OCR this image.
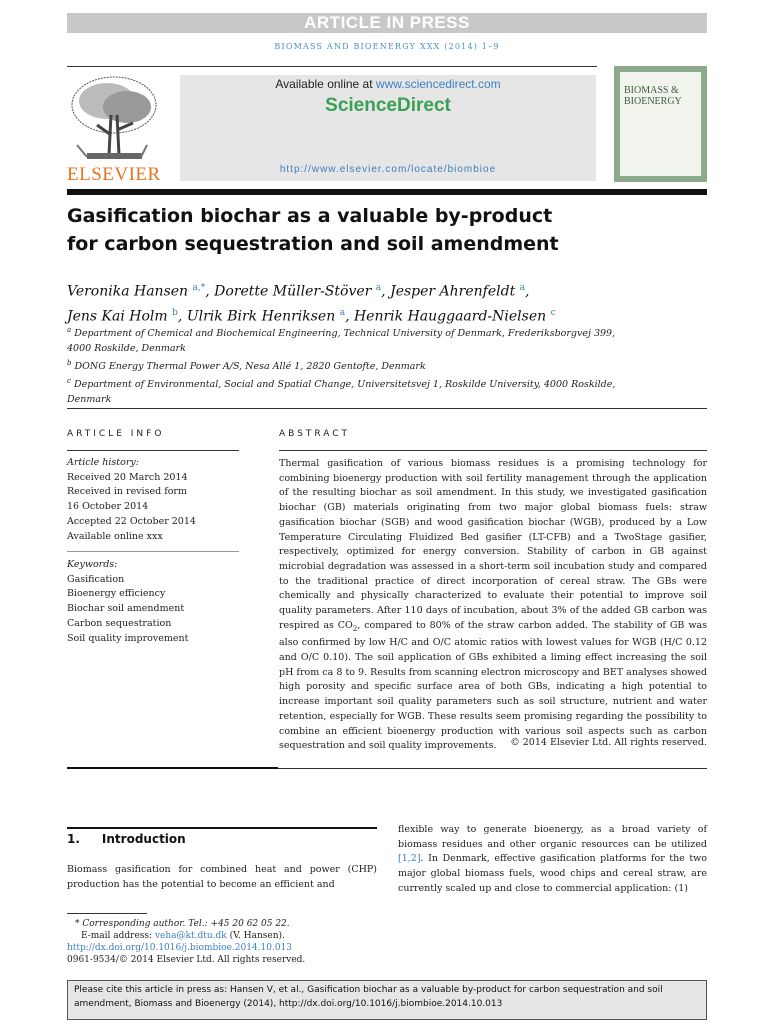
ARTICLE IN PRESS
BIOMASS AND BIOENERGY XXX (2014) 1–9
ELSEVIER
Available online at www.sciencedirect.com
ScienceDirect
http://www.elsevier.com/locate/biombioe
BIOMASS &
BIOENERGY
Gasification biochar as a valuable by-product
for carbon sequestration and soil amendment
Veronika Hansen $^{a,*}$, Dorette Müller-Stöver $^a$, Jesper Ahrenfeldt $^a$,
Jens Kai Holm $^b$, Ulrik Birk Henriksen $^a$, Henrik Hauggaard-Nielsen $^c$
$^a$ Department of Chemical and Biochemical Engineering, Technical University of Denmark, Frederiksborgvej 399, 4000 Roskilde, Denmark
$^b$ DONG Energy Thermal Power A/S, Nesa Allé 1, 2820 Gentofte, Denmark
$^c$ Department of Environmental, Social and Spatial Change, Universitetsvej 1, Roskilde University, 4000 Roskilde, Denmark
ARTICLE INFO
Article history:
Received 20 March 2014
Received in revised form
16 October 2014
Accepted 22 October 2014
Available online xxx
Keywords:
Gasification
Bioenergy efficiency
Biochar soil amendment
Carbon sequestration
Soil quality improvement
ABSTRACT
Thermal gasification of various biomass residues is a promising technology for combining bioenergy production with soil fertility management through the application of the resulting biochar as soil amendment. In this study, we investigated gasification biochar (GB) materials originating from two major global biomass fuels: straw gasification biochar (SGB) and wood gasification biochar (WGB), produced by a Low Temperature Circulating Fluidized Bed gasifier (LT-CFB) and a TwoStage gasifier, respectively, optimized for energy conversion. Stability of carbon in GB against microbial degradation was assessed in a short-term soil incubation study and compared to the traditional practice of direct incorporation of cereal straw. The GBs were chemically and physically characterized to evaluate their potential to improve soil quality parameters. After 110 days of incubation, about 3% of the added GB carbon was respired as $CO_2$, compared to 80% of the straw carbon added. The stability of GB was also confirmed by low H/C and O/C atomic ratios with lowest values for WGB (H/C 0.12 and O/C 0.10). The soil application of GBs exhibited a liming effect increasing the soil pH from ca 8 to 9. Results from scanning electron microscopy and BET analyses showed high porosity and specific surface area of both GBs, indicating a high potential to increase important soil quality parameters such as soil structure, nutrient and water retention, especially for WGB. These results seem promising regarding the possibility to combine an efficient bioenergy production with various soil aspects such as carbon sequestration and soil quality improvements.	© 2014 Elsevier Ltd. All rights reserved.
1. Introduction
Biomass gasification for combined heat and power (CHP) production has the potential to become an efficient and
flexible way to generate bioenergy, as a broad variety of biomass residues and other organic resources can be utilized [1,2]. In Denmark, effective gasification platforms for the two major global biomass fuels, wood chips and cereal straw, are currently scaled up and close to commercial application: (1)
* Corresponding author. Tel.: +45 20 62 05 22.
E-mail address: veha@kt.dtu.dk (V. Hansen).
http://dx.doi.org/10.1016/j.biombioe.2014.10.013
0961-9534/© 2014 Elsevier Ltd. All rights reserved.
Please cite this article in press as: Hansen V, et al., Gasification biochar as a valuable by-product for carbon sequestration and soil amendment, Biomass and Bioenergy (2014), http://dx.doi.org/10.1016/j.biombioe.2014.10.013
